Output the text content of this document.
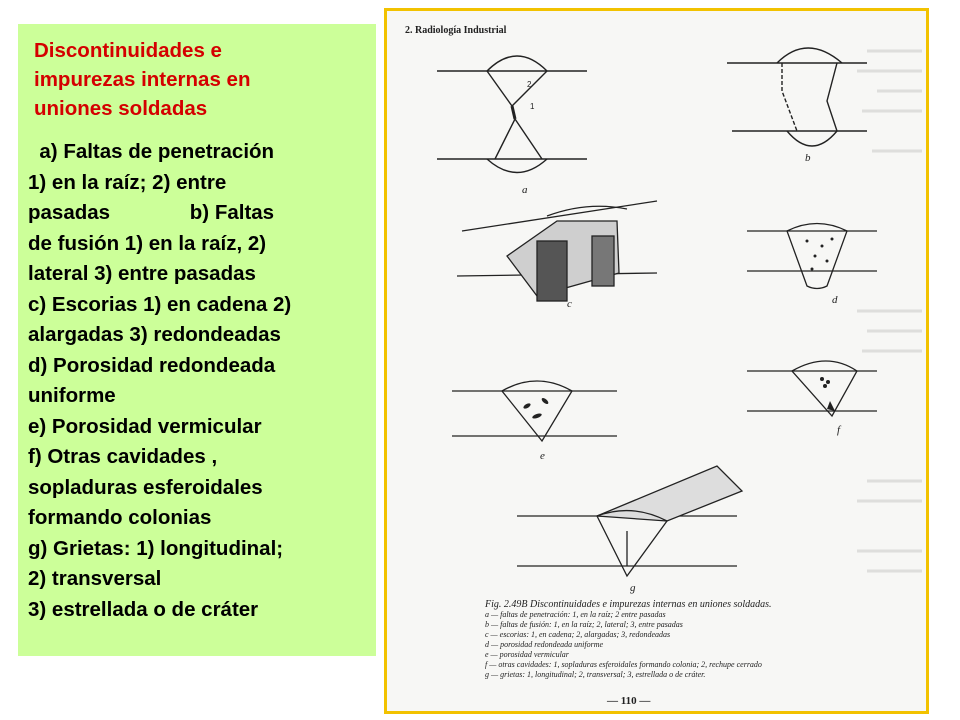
Discontinuidades e
impurezas internas en
uniones soldadas
a) Faltas de penetración
1) en la raíz; 2) entre
pasadas              b) Faltas
de fusión 1) en la raíz, 2)
lateral 3) entre pasadas
c) Escorias 1) en cadena 2)
alargadas 3) redondeadas
d) Porosidad redondeada
uniforme
e) Porosidad vermicular
f) Otras cavidades ,
sopladuras esferoidales
formando colonias
g) Grietas: 1) longitudinal;
2) transversal
3) estrellada o de cráter
2. Radiología Industrial
a
1
2
b
c	d
e
f
g
Fig. 2.49B Discontinuidades e impurezas internas en uniones soldadas.
a — faltas de penetración: 1, en la raíz; 2 entre pasadas
b — faltas de fusión: 1, en la raíz; 2, lateral; 3, entre pasadas
c — escorias: 1, en cadena; 2, alargadas; 3, redondeadas
d — porosidad redondeada uniforme
e — porosidad vermicular
f — otras cavidades: 1, sopladuras esferoidales formando colonia; 2, rechupe cerrado
g — grietas: 1, longitudinal; 2, transversal; 3, estrellada o de cráter.
— 110 —
